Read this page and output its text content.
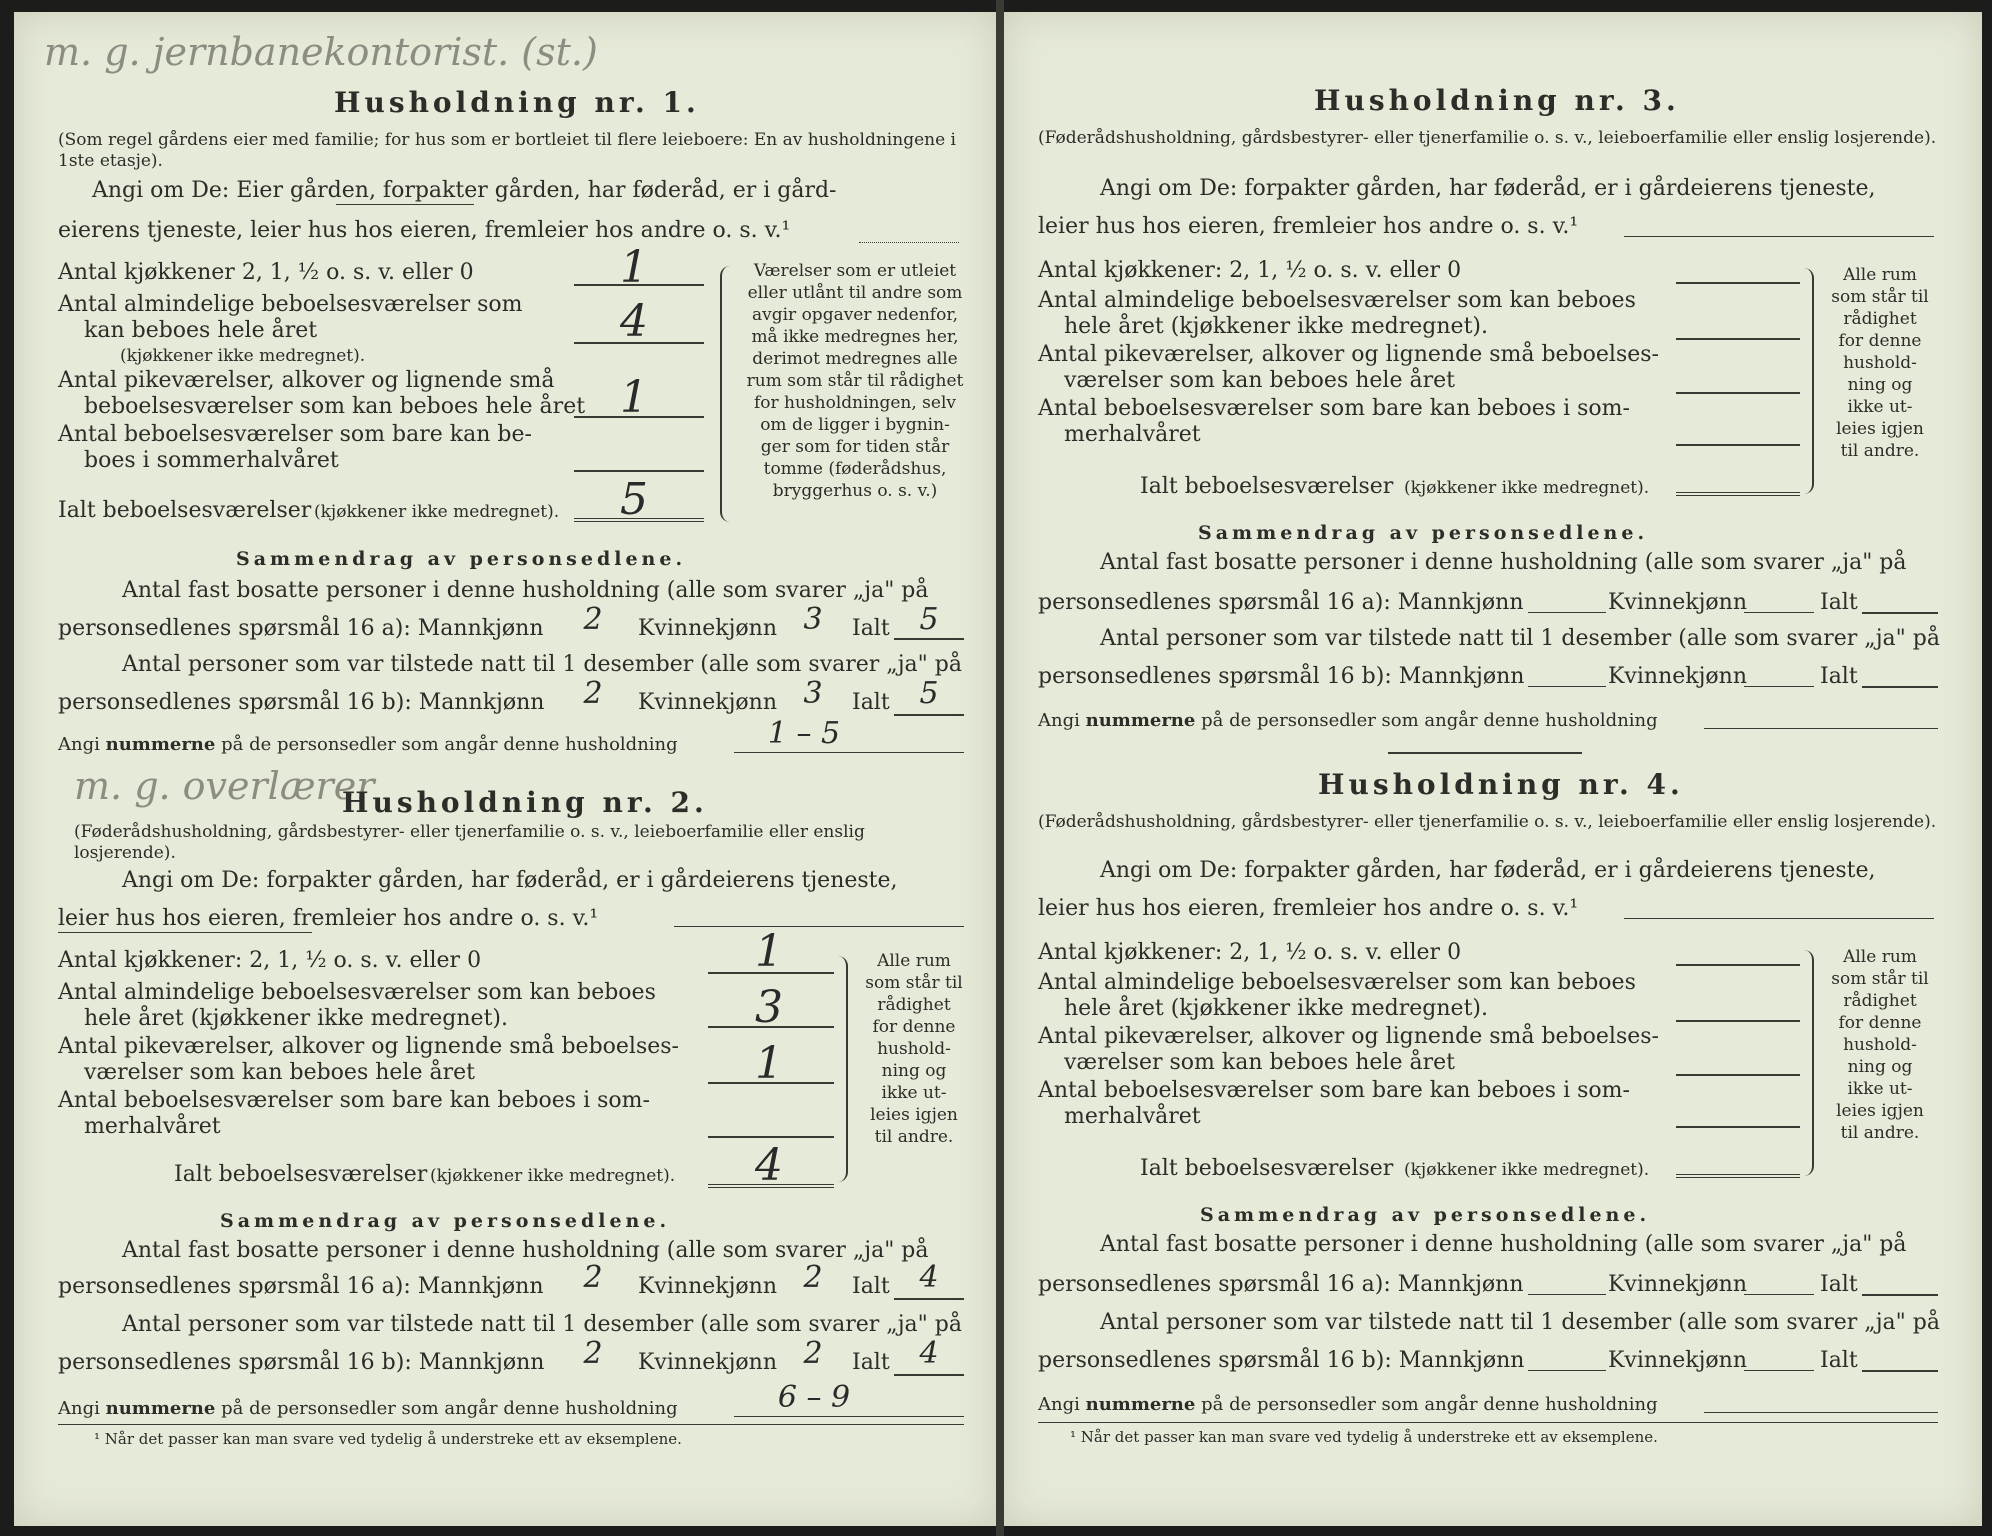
m. g. jernbanekontorist. (st.)
Husholdning nr. 1.
(Som regel gårdens eier med familie; for hus som er bortleiet til flere leieboere: En av husholdningene i 1ste etasje).
Angi om De: Eier gården, forpakter gården, har føderåd, er i gård-
eierens tjeneste, leier hus hos eieren, fremleier hos andre o. s. v.¹
Antal kjøkkener 2, 1, ½ o. s. v. eller 0	1
Antal almindelige beboelsesværelser som
kan beboes hele året
(kjøkkener ikke medregnet).
4
Antal pikeværelser, alkover og lignende små
beboelsesværelser som kan beboes hele året 1
Antal beboelsesværelser som bare kan be-
boes i sommerhalvåret
Ialt beboelsesværelser (kjøkkener ikke medregnet).	5
Værelser som er utleiet
eller utlånt til andre som
avgir opgaver nedenfor,
må ikke medregnes her,
derimot medregnes alle
rum som står til rådighet
for husholdningen, selv
om de ligger i bygnin-
ger som for tiden står
tomme (føderådshus,
bryggerhus o. s. v.)
Sammendrag av personsedlene.
Antal fast bosatte personer i denne husholdning (alle som svarer „ja" på
personsedlenes spørsmål 16 a): Mannkjønn	2	Kvinnekjønn 3	Ialt 5
Antal personer som var tilstede natt til 1 desember (alle som svarer „ja" på
personsedlenes spørsmål 16 b): Mannkjønn	2	Kvinnekjønn 3	Ialt 5
Angi nummerne på de personsedler som angår denne husholdning	1 – 5
m. g. overlærer
Husholdning nr. 2.
(Føderådshusholdning, gårdsbestyrer- eller tjenerfamilie o. s. v., leieboerfamilie eller enslig losjerende).
Angi om De: forpakter gården, har føderåd, er i gårdeierens tjeneste,
leier hus hos eieren, fremleier hos andre o. s. v.¹
Antal kjøkkener: 2, 1, ½ o. s. v. eller 0	1
Antal almindelige beboelsesværelser som kan beboes
hele året (kjøkkener ikke medregnet).	3
Antal pikeværelser, alkover og lignende små beboelses-
værelser som kan beboes hele året	1
Antal beboelsesværelser som bare kan beboes i som-
merhalvåret
Ialt beboelsesværelser (kjøkkener ikke medregnet).	4
Alle rum
som står til
rådighet
for denne
hushold-
ning og
ikke ut-
leies igjen
til andre.
Sammendrag av personsedlene.
Antal fast bosatte personer i denne husholdning (alle som svarer „ja" på
personsedlenes spørsmål 16 a): Mannkjønn	2	Kvinnekjønn 2	Ialt 4
Antal personer som var tilstede natt til 1 desember (alle som svarer „ja" på
personsedlenes spørsmål 16 b): Mannkjønn	2	Kvinnekjønn 2	Ialt 4
Angi nummerne på de personsedler som angår denne husholdning	6 – 9
¹ Når det passer kan man svare ved tydelig å understreke ett av eksemplene.
Husholdning nr. 3.
(Føderådshusholdning, gårdsbestyrer- eller tjenerfamilie o. s. v., leieboerfamilie eller enslig losjerende).
Angi om De: forpakter gården, har føderåd, er i gårdeierens tjeneste,
leier hus hos eieren, fremleier hos andre o. s. v.¹
Antal kjøkkener: 2, 1, ½ o. s. v. eller 0
Antal almindelige beboelsesværelser som kan beboes
hele året (kjøkkener ikke medregnet).
Antal pikeværelser, alkover og lignende små beboelses-
værelser som kan beboes hele året
Antal beboelsesværelser som bare kan beboes i som-
merhalvåret
Ialt beboelsesværelser (kjøkkener ikke medregnet).
Alle rum
som står til
rådighet
for denne
hushold-
ning og
ikke ut-
leies igjen
til andre.
Sammendrag av personsedlene.
Antal fast bosatte personer i denne husholdning (alle som svarer „ja" på
personsedlenes spørsmål 16 a): Mannkjønn	Kvinnekjønn	Ialt
Antal personer som var tilstede natt til 1 desember (alle som svarer „ja" på
personsedlenes spørsmål 16 b): Mannkjønn	Kvinnekjønn	Ialt
Angi nummerne på de personsedler som angår denne husholdning
Husholdning nr. 4.
(Føderådshusholdning, gårdsbestyrer- eller tjenerfamilie o. s. v., leieboerfamilie eller enslig losjerende).
Angi om De: forpakter gården, har føderåd, er i gårdeierens tjeneste,
leier hus hos eieren, fremleier hos andre o. s. v.¹
Antal kjøkkener: 2, 1, ½ o. s. v. eller 0
Antal almindelige beboelsesværelser som kan beboes
hele året (kjøkkener ikke medregnet).
Antal pikeværelser, alkover og lignende små beboelses-
værelser som kan beboes hele året
Antal beboelsesværelser som bare kan beboes i som-
merhalvåret
Ialt beboelsesværelser (kjøkkener ikke medregnet).
Alle rum
som står til
rådighet
for denne
hushold-
ning og
ikke ut-
leies igjen
til andre.
Sammendrag av personsedlene.
Antal fast bosatte personer i denne husholdning (alle som svarer „ja" på
personsedlenes spørsmål 16 a): Mannkjønn	Kvinnekjønn	Ialt
Antal personer som var tilstede natt til 1 desember (alle som svarer „ja" på
personsedlenes spørsmål 16 b): Mannkjønn	Kvinnekjønn	Ialt
Angi nummerne på de personsedler som angår denne husholdning
¹ Når det passer kan man svare ved tydelig å understreke ett av eksemplene.
